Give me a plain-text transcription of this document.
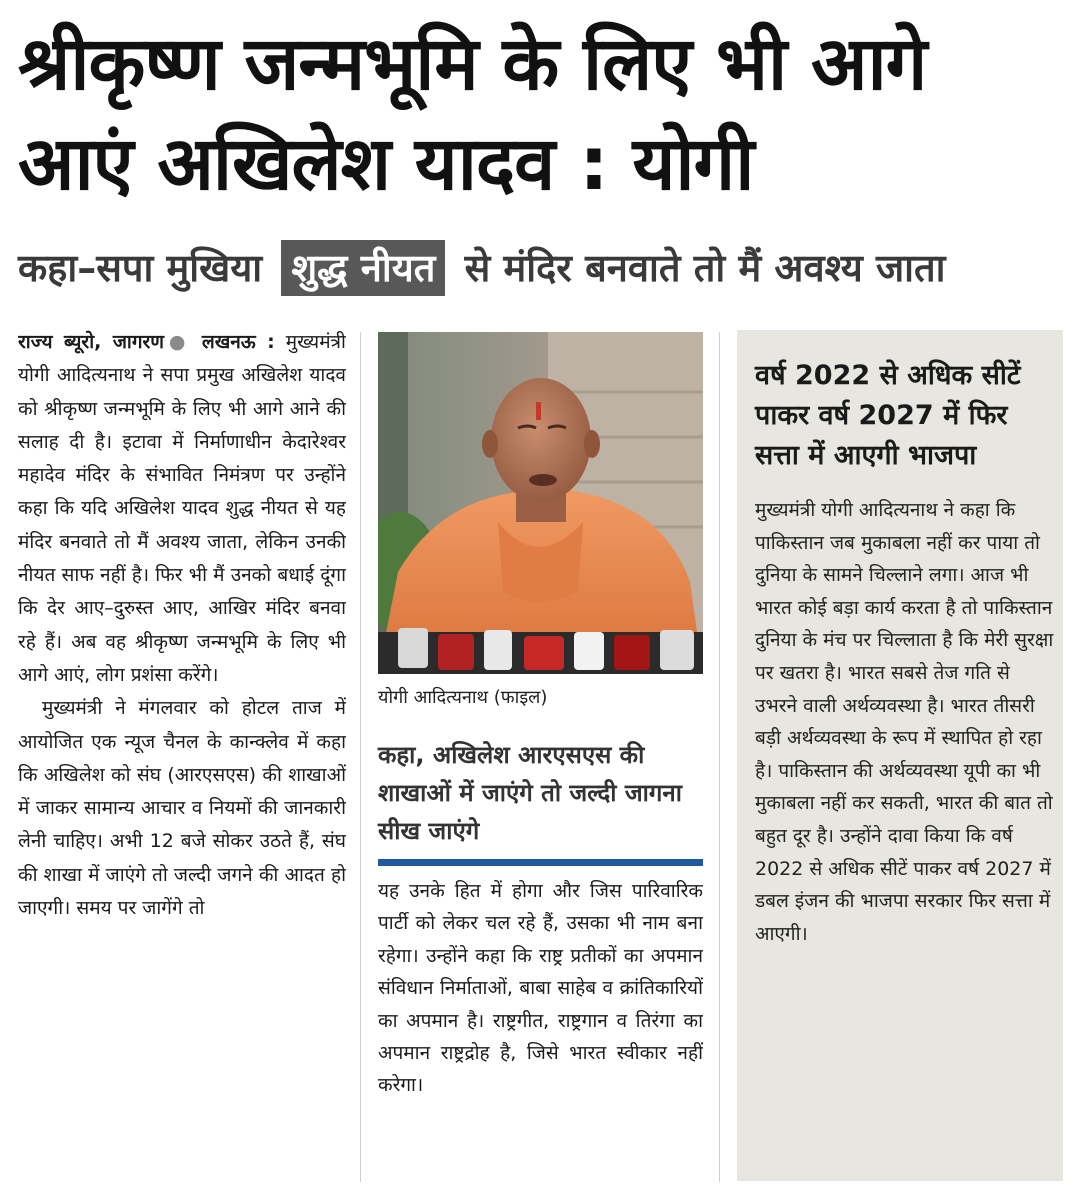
श्रीकृष्ण जन्मभूमि के लिए भी आगे
आएं अखिलेश यादव : योगी
कहा–सपा मुखिया शुद्ध नीयत से मंदिर बनवाते तो मैं अवश्य जाता

राज्य ब्यूरो, जागरण● लखनऊ : मुख्यमंत्री योगी आदित्यनाथ ने सपा प्रमुख अखिलेश यादव को श्रीकृष्ण जन्मभूमि के लिए भी आगे आने की सलाह दी है। इटावा में निर्माणाधीन केदारेश्वर महादेव मंदिर के संभावित निमंत्रण पर उन्होंने कहा कि यदि अखिलेश यादव शुद्ध नीयत से यह मंदिर बनवाते तो मैं अवश्य जाता, लेकिन उनकी नीयत साफ नहीं है। फिर भी मैं उनको बधाई दूंगा कि देर आए–दुरुस्त आए, आखिर मंदिर बनवा रहे हैं। अब वह श्रीकृष्ण जन्मभूमि के लिए भी आगे आएं, लोग प्रशंसा करेंगे।

मुख्यमंत्री ने मंगलवार को होटल ताज में आयोजित एक न्यूज चैनल के कान्क्लेव में कहा कि अखिलेश को संघ (आरएसएस) की शाखाओं में जाकर सामान्य आचार व नियमों की जानकारी लेनी चाहिए। अभी 12 बजे सोकर उठते हैं, संघ की शाखा में जाएंगे तो जल्दी जगने की आदत हो जाएगी। समय पर जागेंगे तो

योगी आदित्यनाथ (फाइल)
कहा, अखिलेश आरएसएस की शाखाओं में जाएंगे तो जल्दी जागना सीख जाएंगे

यह उनके हित में होगा और जिस पारिवारिक पार्टी को लेकर चल रहे हैं, उसका भी नाम बना रहेगा। उन्होंने कहा कि राष्ट्र प्रतीकों का अपमान संविधान निर्माताओं, बाबा साहेब व क्रांतिकारियों का अपमान है। राष्ट्रगीत, राष्ट्रगान व तिरंगा का अपमान राष्ट्रद्रोह है, जिसे भारत स्वीकार नहीं करेगा।

वर्ष 2022 से अधिक सीटें पाकर वर्ष 2027 में फिर सत्ता में आएगी भाजपा

मुख्यमंत्री योगी आदित्यनाथ ने कहा कि पाकिस्तान जब मुकाबला नहीं कर पाया तो दुनिया के सामने चिल्लाने लगा। आज भी भारत कोई बड़ा कार्य करता है तो पाकिस्तान दुनिया के मंच पर चिल्लाता है कि मेरी सुरक्षा पर खतरा है। भारत सबसे तेज गति से उभरने वाली अर्थव्यवस्था है। भारत तीसरी बड़ी अर्थव्यवस्था के रूप में स्थापित हो रहा है। पाकिस्तान की अर्थव्यवस्था यूपी का भी मुकाबला नहीं कर सकती, भारत की बात तो बहुत दूर है। उन्होंने दावा किया कि वर्ष 2022 से अधिक सीटें पाकर वर्ष 2027 में डबल इंजन की भाजपा सरकार फिर सत्ता में आएगी।
